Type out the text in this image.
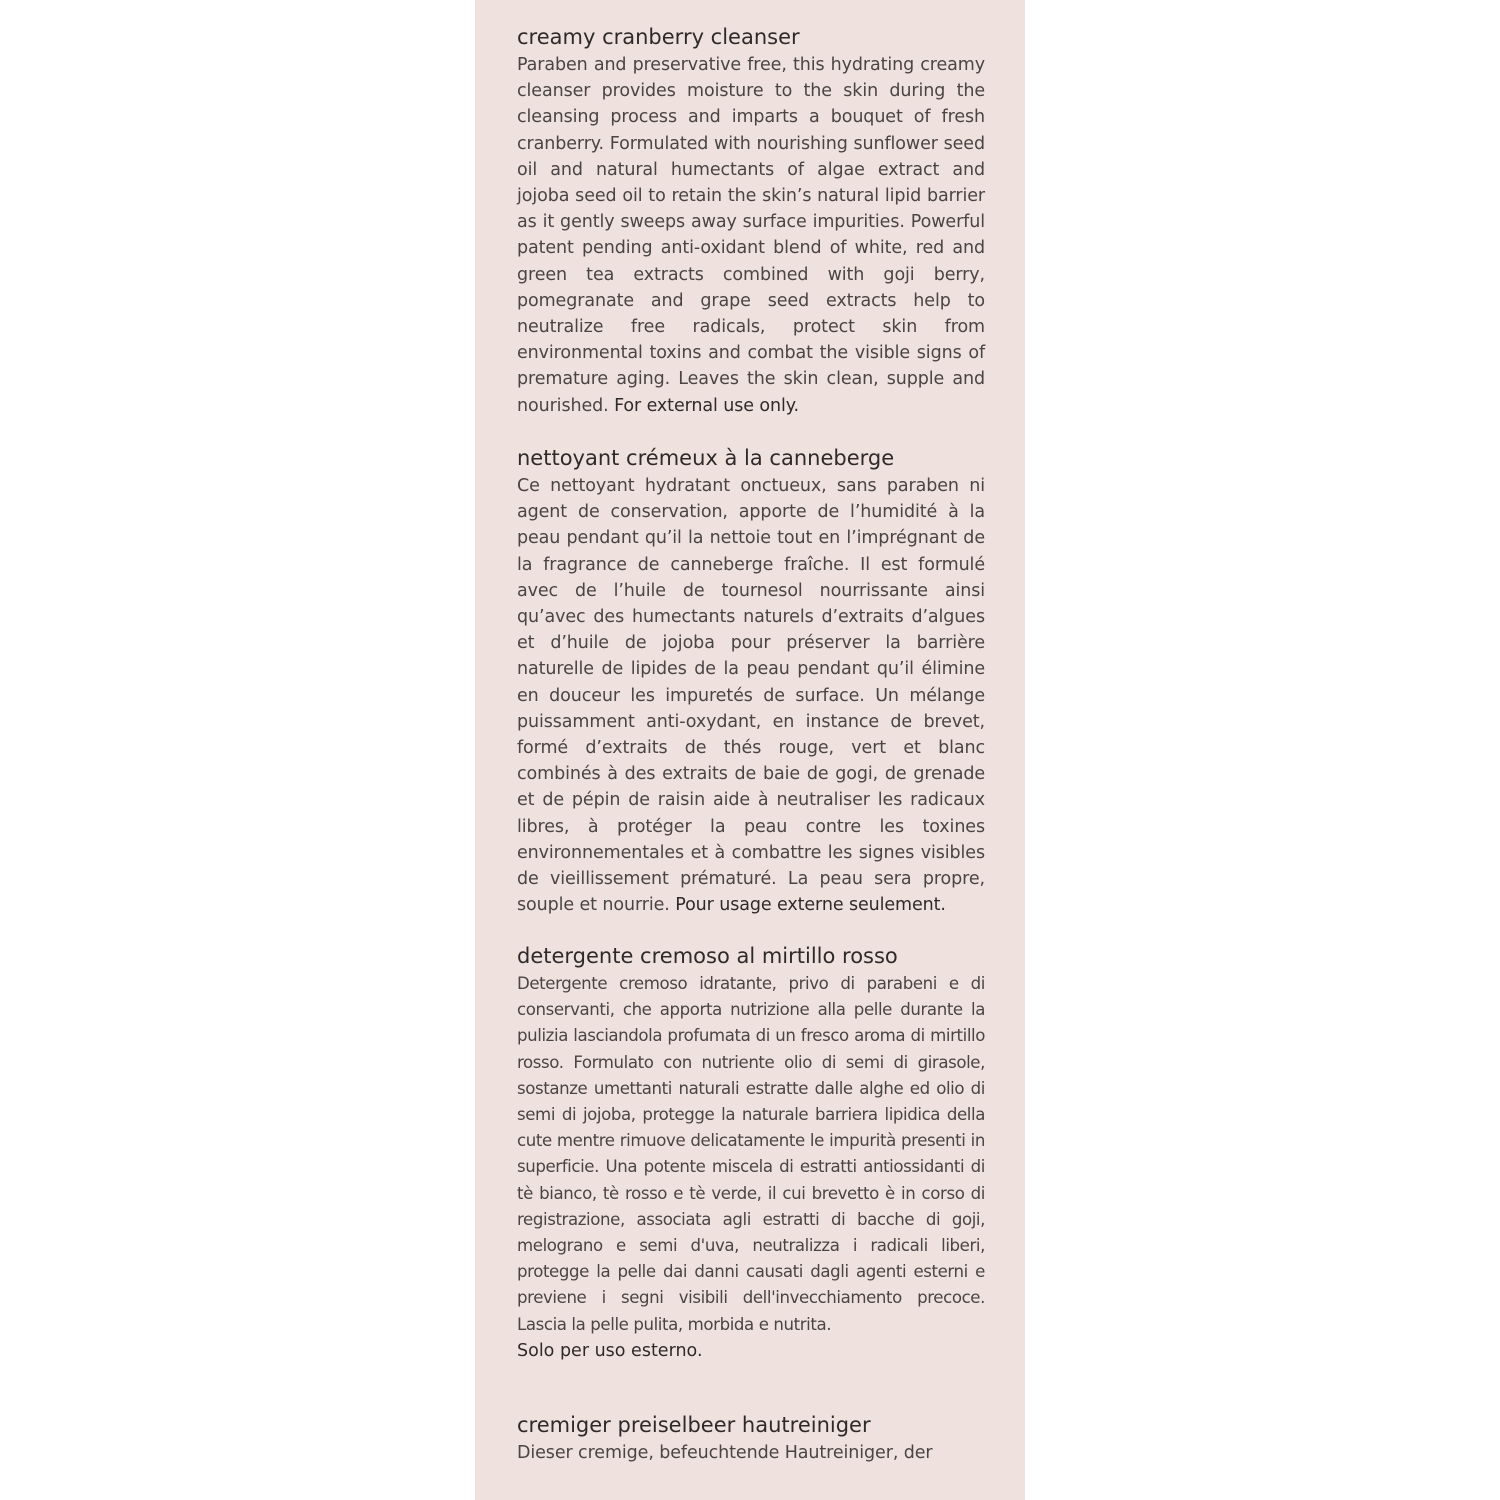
creamy cranberry cleanser

Paraben and preservative free, this hydrating creamy cleanser provides moisture to the skin during the cleansing process and imparts a bouquet of fresh cranberry. Formulated with nourishing sunflower seed oil and natural humectants of algae extract and jojoba seed oil to retain the skin’s natural lipid barrier as it gently sweeps away surface impurities. Powerful patent pending anti-oxidant blend of white, red and green tea extracts combined with goji berry, pomegranate and grape seed extracts help to neutralize free radicals, protect skin from environmental toxins and combat the visible signs of premature aging. Leaves the skin clean, supple and nourished. For external use only.

nettoyant crémeux à la canneberge

Ce nettoyant hydratant onctueux, sans paraben ni agent de conservation, apporte de l’humidité à la peau pendant qu’il la nettoie tout en l’imprégnant de la fragrance de canneberge fraîche. Il est formulé avec de l’huile de tournesol nourrissante ainsi qu’avec des humectants naturels d’extraits d’algues et d’huile de jojoba pour préserver la barrière naturelle de lipides de la peau pendant qu’il élimine en douceur les impuretés de surface. Un mélange puissamment anti-oxydant, en instance de brevet, formé d’extraits de thés rouge, vert et blanc combinés à des extraits de baie de gogi, de grenade et de pépin de raisin aide à neutraliser les radicaux libres, à protéger la peau contre les toxines environnementales et à combattre les signes visibles de vieillissement prématuré. La peau sera propre, souple et nourrie. Pour usage externe seulement.

detergente cremoso al mirtillo rosso

Detergente cremoso idratante, privo di parabeni e di conservanti, che apporta nutrizione alla pelle durante la pulizia lasciandola profumata di un fresco aroma di mirtillo rosso. Formulato con nutriente olio di semi di girasole, sostanze umettanti naturali estratte dalle alghe ed olio di semi di jojoba, protegge la naturale barriera lipidica della cute mentre rimuove delicatamente le impurità presenti in superficie. Una potente miscela di estratti antiossidanti di tè bianco, tè rosso e tè verde, il cui brevetto è in corso di registrazione, associata agli estratti di bacche di goji, melograno e semi d'uva, neutralizza i radicali liberi, protegge la pelle dai danni causati dagli agenti esterni e previene i segni visibili dell'invecchiamento precoce. Lascia la pelle pulita, morbida e nutrita.

Solo per uso esterno.
cremiger preiselbeer hautreiniger

Dieser cremige, befeuchtende Hautreiniger, der
